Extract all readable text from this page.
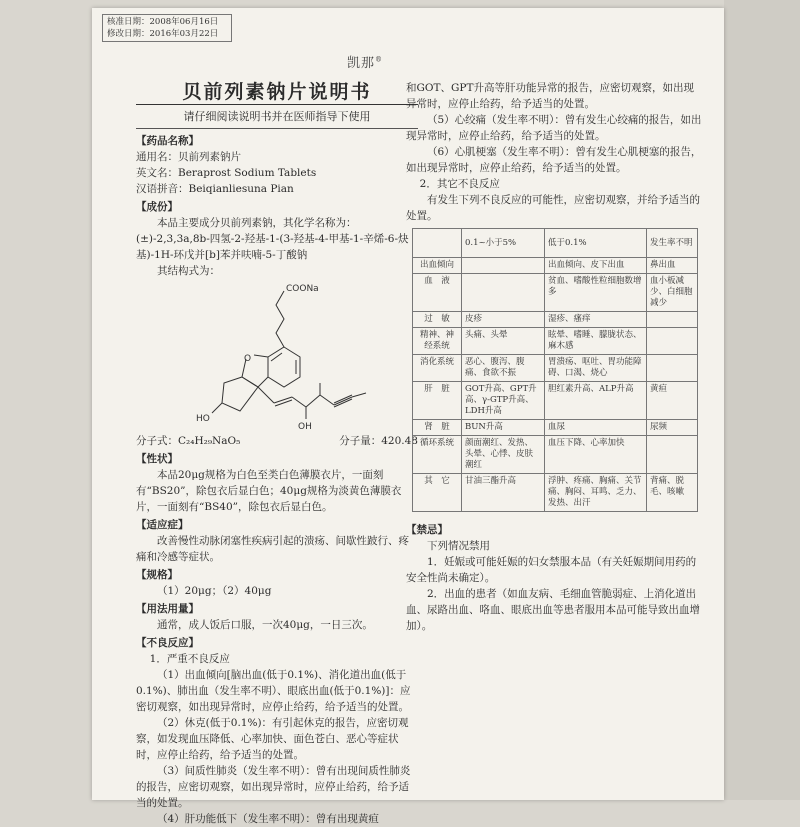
核准日期：2008年06月16日
修改日期：2016年03月22日
凯那®
贝前列素钠片说明书
请仔细阅读说明书并在医师指导下使用
【药品名称】

通用名：贝前列素钠片

英文名：Beraprost Sodium Tablets

汉语拼音：Beiqianliesuna Pian

【成份】

本品主要成分贝前列素钠，其化学名称为：(±)-2,3,3a,8b-四氢-2-羟基-1-(3-羟基-4-甲基-1-辛烯-6-炔基)-1H-环戊并[b]苯并呋喃-5-丁酸钠

其结构式为：

COONa
O
HO
OH
分子式：C₂₄H₂₉NaO₅	分子量：420.48
【性状】

本品20μg规格为白色至类白色薄膜衣片，一面刻有“BS20”，除包衣后显白色；40μg规格为淡黄色薄膜衣片，一面刻有“BS40”，除包衣后显白色。

【适应症】

改善慢性动脉闭塞性疾病引起的溃疡、间歇性跛行、疼痛和冷感等症状。

【规格】

（1）20μg；（2）40μg

【用法用量】

通常，成人饭后口服，一次40μg，一日三次。

【不良反应】

1．严重不良反应

（1）出血倾向[脑出血(低于0.1%)、消化道出血(低于0.1%)、肺出血（发生率不明）、眼底出血(低于0.1%)]：应密切观察，如出现异常时，应停止给药，给予适当的处置。

（2）休克(低于0.1%)：有引起休克的报告，应密切观察，如发现血压降低、心率加快、面色苍白、恶心等症状时，应停止给药，给予适当的处置。

（3）间质性肺炎（发生率不明）：曾有出现间质性肺炎的报告，应密切观察，如出现异常时，应停止给药，给予适当的处置。

（4）肝功能低下（发生率不明）：曾有出现黄疸

和GOT、GPT升高等肝功能异常的报告，应密切观察，如出现异常时，应停止给药，给予适当的处置。

（5）心绞痛（发生率不明）：曾有发生心绞痛的报告，如出现异常时，应停止给药，给予适当的处置。

（6）心肌梗塞（发生率不明）：曾有发生心肌梗塞的报告，如出现异常时，应停止给药，给予适当的处置。

2．其它不良反应

有发生下列不良反应的可能性，应密切观察，并给予适当的处置。

	0.1~小于5%	低于0.1%	发生率不明
出血倾向		出血倾向、皮下出血	鼻出血
血　液		贫血、嗜酸性粒细胞数增多	血小板减少、白细胞减少
过　敏	皮疹	湿疹、瘙痒	
精神、神经系统	头痛、头晕	眩晕、嗜睡、朦胧状态、麻木感	
消化系统	恶心、腹泻、腹痛、食欲不振	胃溃疡、呕吐、胃功能障碍、口渴、烧心	
肝　脏	GOT升高、GPT升高、γ-GTP升高、LDH升高	胆红素升高、ALP升高	黄疸
肾　脏	BUN升高	血尿	尿频
循环系统	颜面潮红、发热、头晕、心悸、皮肤潮红	血压下降、心率加快	
其　它	甘油三酯升高	浮肿、疼痛、胸痛、关节痛、胸闷、耳鸣、乏力、发热、出汗	背痛、脱毛、咳嗽
【禁忌】

下列情况禁用

1．妊娠或可能妊娠的妇女禁服本品（有关妊娠期间用药的安全性尚未确定）。

2．出血的患者（如血友病、毛细血管脆弱症、上消化道出血、尿路出血、咯血、眼底出血等患者服用本品可能导致出血增加）。
